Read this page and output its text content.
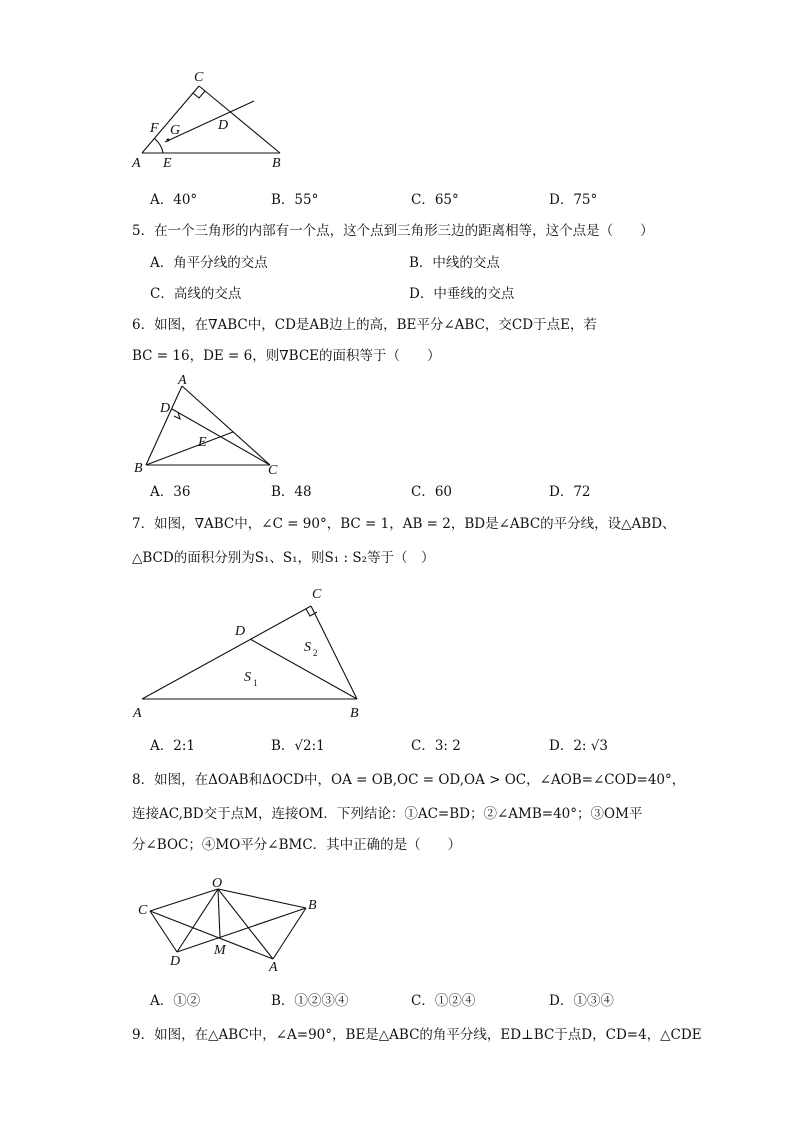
C
F G	D
A E	B
A．40°	B．55°	C．65°	D．75°
5．在一个三角形的内部有一个点，这个点到三角形三边的距离相等，这个点是（　　）
A．角平分线的交点	B．中线的交点
C．高线的交点	D．中垂线的交点
6．如图，在∇ABC中，CD是AB边上的高，BE平分∠ABC，交CD于点E，若
BC = 16，DE = 6，则∇BCE的面积等于（　　）
A
D
E
B	C
A．36	B．48	C．60	D．72
7．如图，∇ABC中，∠C = 90°，BC = 1，AB = 2，BD是∠ABC的平分线，设△ABD、
△BCD的面积分别为S₁、S₁，则S₁ : S₂等于（　）
C
D
S 2
S 1
A	B
A．2:1	B．√2:1	C．3: 2	D．2: √3
8．如图，在ΔOAB和ΔOCD中，OA = OB,OC = OD,OA > OC，∠AOB=∠COD=40°，
连接AC,BD交于点M，连接OM．下列结论：①AC=BD；②∠AMB=40°；③OM平
分∠BOC；④MO平分∠BMC．其中正确的是（　　）
O
C	B
M
D	A
A．①②	B．①②③④	C．①②④	D．①③④
9．如图，在△ABC中，∠A=90°，BE是△ABC的角平分线，ED⊥BC于点D，CD=4，△CDE
